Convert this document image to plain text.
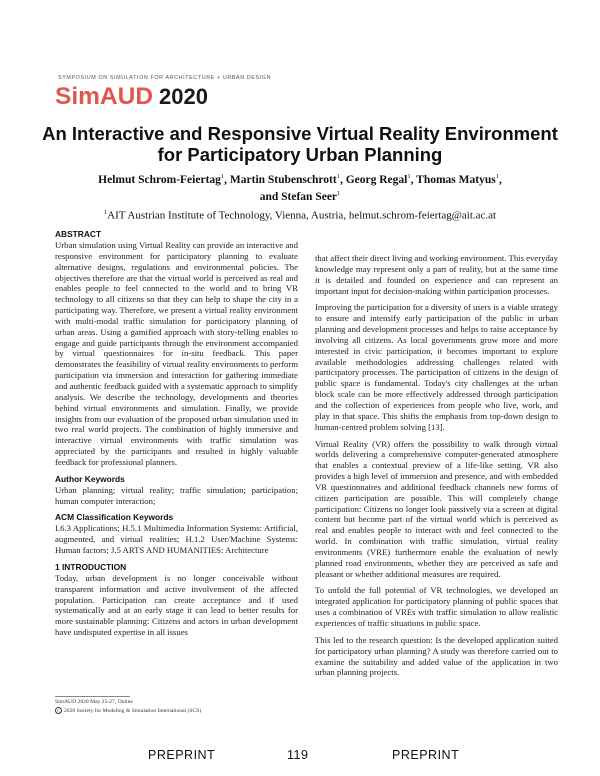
SYMPOSIUM ON SIMULATION FOR ARCHITECTURE + URBAN DESIGN
SimAUD 2020
An Interactive and Responsive Virtual Reality Environment for Participatory Urban Planning
Helmut Schrom-Feiertag$^1$, Martin Stubenschrott$^1$, Georg Regal$^1$, Thomas Matyus$^1$,
and Stefan Seer$^1$
$^1$AIT Austrian Institute of Technology, Vienna, Austria, helmut.schrom-feiertag@ait.ac.at
ABSTRACT

Urban simulation using Virtual Reality can provide an interactive and responsive environment for participatory planning to evaluate alternative designs, regulations and environmental policies. The objectives therefore are that the virtual world is perceived as real and enables people to feel connected to the world and to bring VR technology to all citizens so that they can help to shape the city in a participating way. Therefore, we present a virtual reality environment with multi-modal traffic simulation for participatory planning of urban areas. Using a gamified approach with story-telling enables to engage and guide participants through the environment accompanied by virtual questionnaires for in-situ feedback. This paper demonstrates the feasibility of virtual reality environments to perform participation via immersion and interaction for gathering immediate and authentic feedback guided with a systematic approach to simplify analysis. We describe the technology, developments and theories behind virtual environments and simulation. Finally, we provide insights from our evaluation of the proposed urban simulation used in two real world projects. The combination of highly immersive and interactive virtual environments with traffic simulation was appreciated by the participants and resulted in highly valuable feedback for professional planners.

Author Keywords

Urban planning; virtual reality; traffic simulation; participation; human computer interaction;

ACM Classification Keywords

I.6.3 Applications; H.5.1 Multimedia Information Systems: Artificial, augmented, and virtual realities; H.1.2 User/Machine Systems: Human factors; J.5 ARTS AND HUMANITIES: Architecture

1 INTRODUCTION

Today, urban development is no longer conceivable without transparent information and active involvement of the affected population. Participation can create acceptance and if used systematically and at an early stage it can lead to better results for more sustainable planning: Citizens and actors in urban development have undisputed expertise in all issues

that affect their direct living and working environment. This everyday knowledge may represent only a part of reality, but at the same time it is detailed and founded on experience and can represent an important input for decision-making within participation processes.

Improving the participation for a diversity of users is a viable strategy to ensure and intensify early participation of the public in urban planning and development processes and helps to raise acceptance by involving all citizens. As local governments grow more and more interested in civic participation, it becomes important to explore available methodologies addressing challenges related with participatory processes. The participation of citizens in the design of public space is fundamental. Today's city challenges at the urban block scale can be more effectively addressed through participation and the collection of experiences from people who live, work, and play in that space. This shifts the emphasis from top-down design to human-centred problem solving [13].

Virtual Reality (VR) offers the possibility to walk through virtual worlds delivering a comprehensive computer-generated atmosphere that enables a contextual preview of a life-like setting. VR also provides a high level of immersion and presence, and with embedded VR questionnaires and additional feedback channels new forms of citizen participation are possible. This will completely change participation: Citizens no longer look passively via a screen at digital content but become part of the virtual world which is perceived as real and enables people to interact with and feel connected to the world. In combination with traffic simulation, virtual reality environments (VRE) furthermore enable the evaluation of newly planned road environments, whether they are perceived as safe and pleasant or whether additional measures are required.

To unfold the full potential of VR technologies, we developed an integrated application for participatory planning of public spaces that uses a combination of VREs with traffic simulation to allow realistic experiences of traffic situations in public space.

This led to the research question: Is the developed application suited for participatory urban planning? A study was therefore carried out to examine the suitability and added value of the application in two urban planning projects.

SimAUD 2020 May 25-27, Online
c 2020 Society for Modeling & Simulation International (SCS)
PREPRINT	119	PREPRINT
